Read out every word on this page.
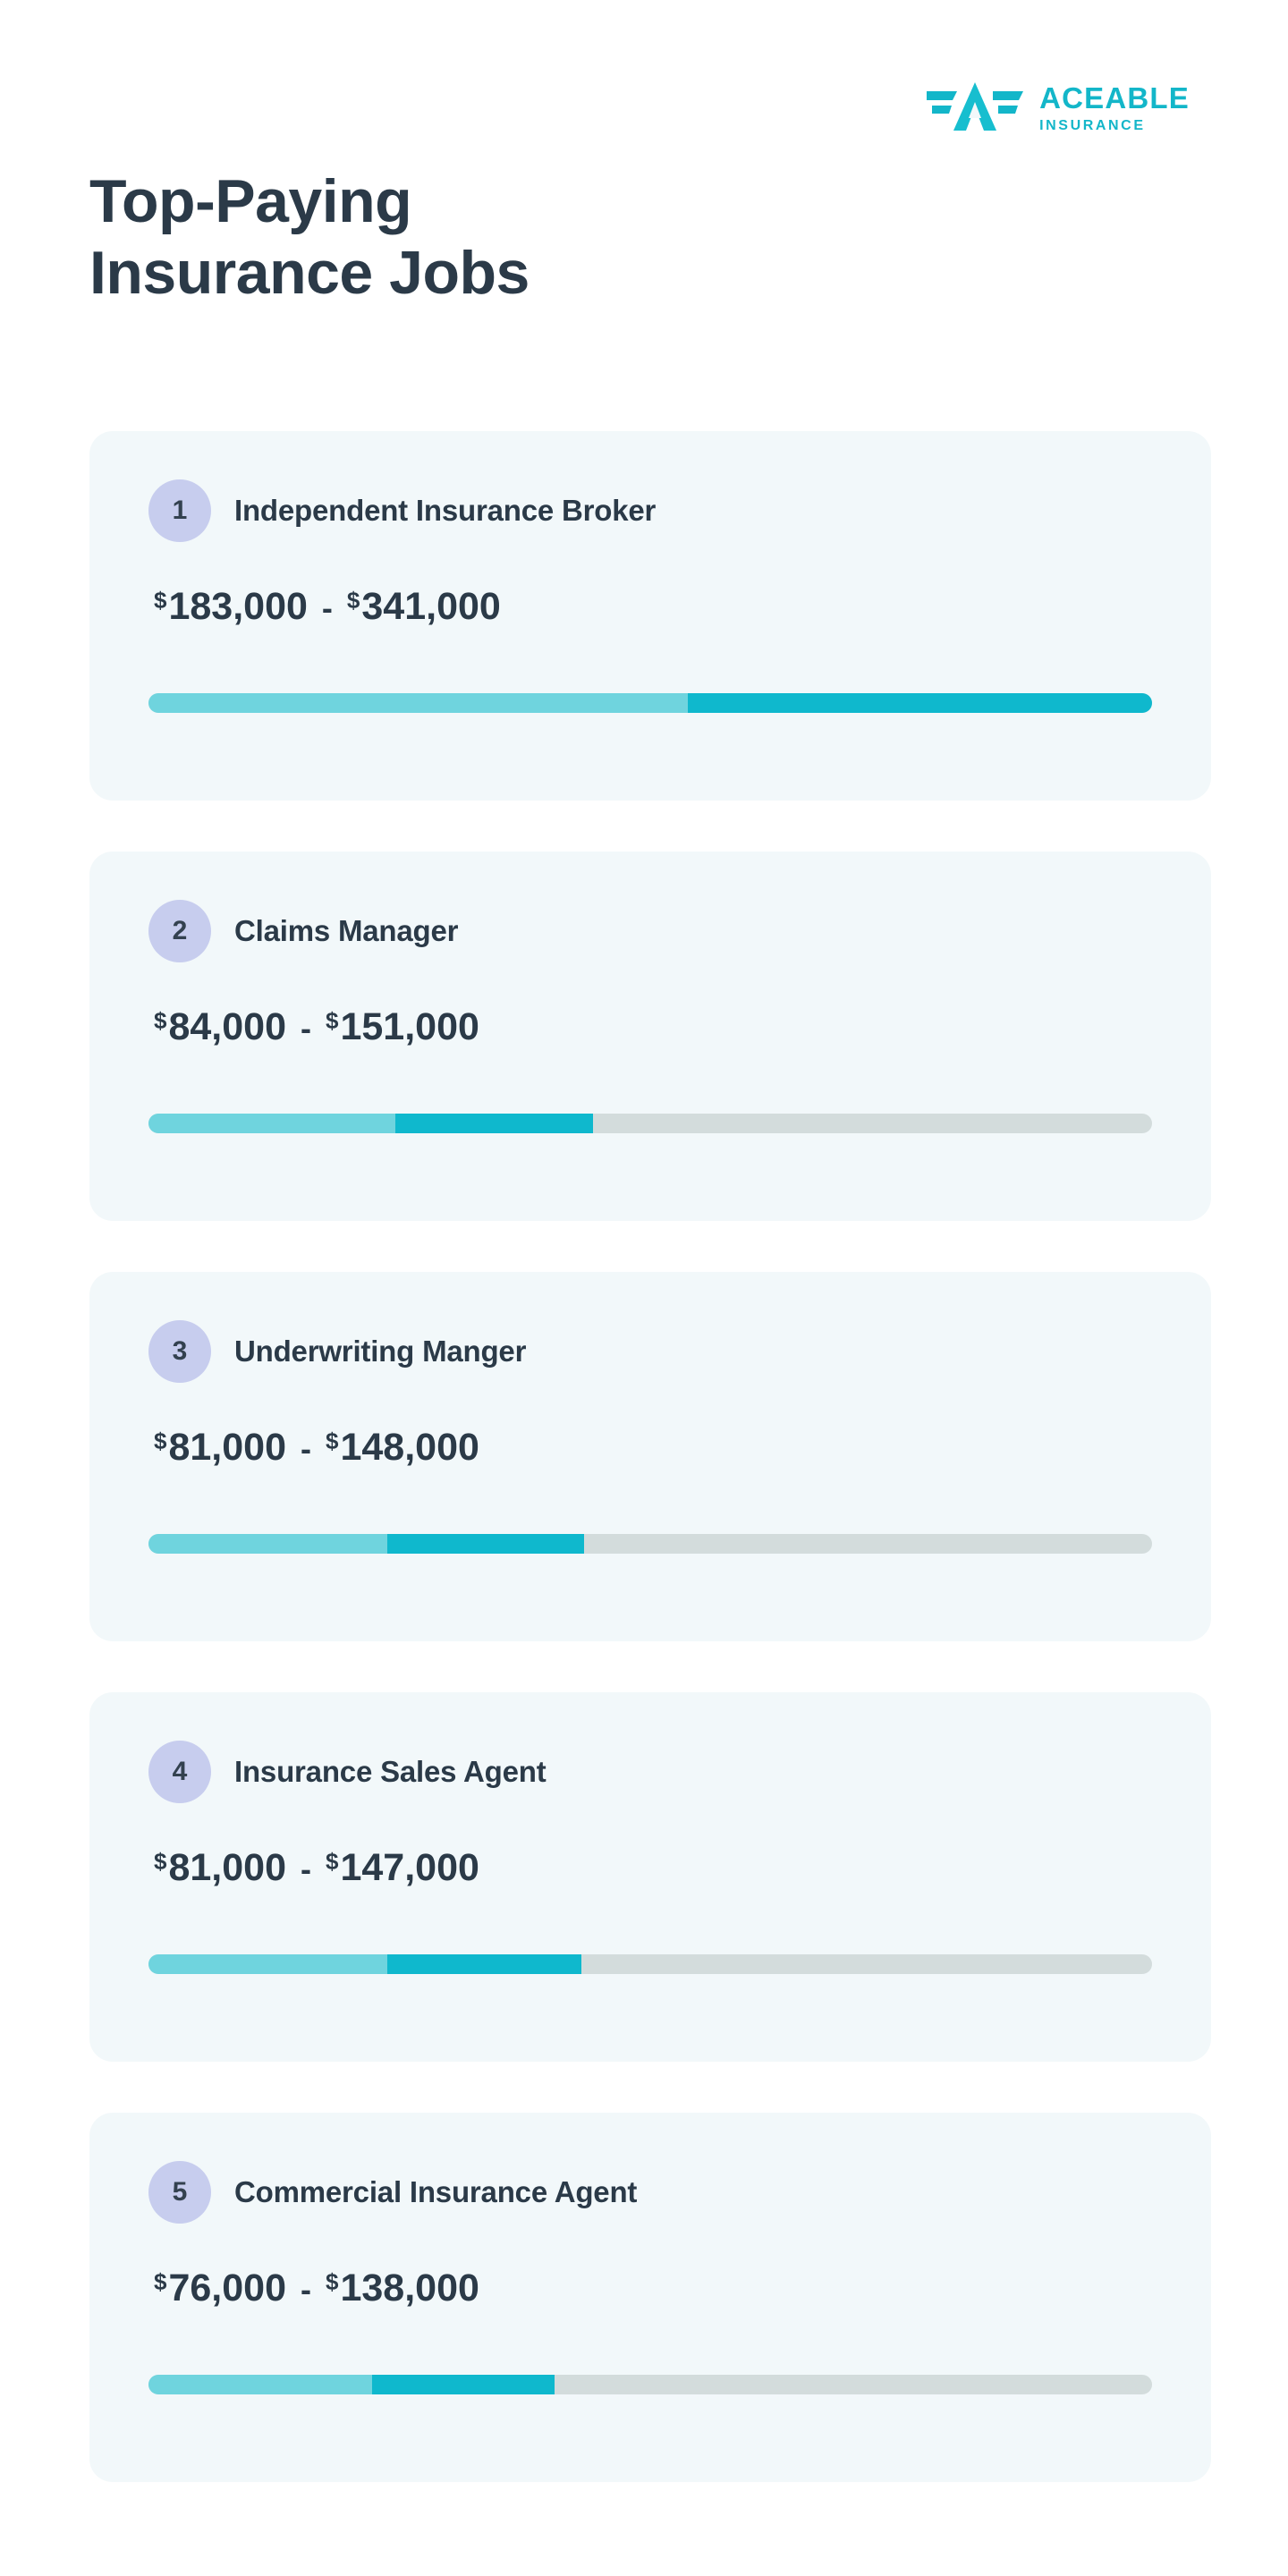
ACEABLE
INSURANCE
Top-Paying
Insurance Jobs
1	Independent Insurance Broker
$ 183,000 - $ 341,000
2	Claims Manager
$ 84,000 - $ 151,000
3	Underwriting Manger
$ 81,000 - $ 148,000
4	Insurance Sales Agent
$ 81,000 - $ 147,000
5	Commercial Insurance Agent
$ 76,000 - $ 138,000
